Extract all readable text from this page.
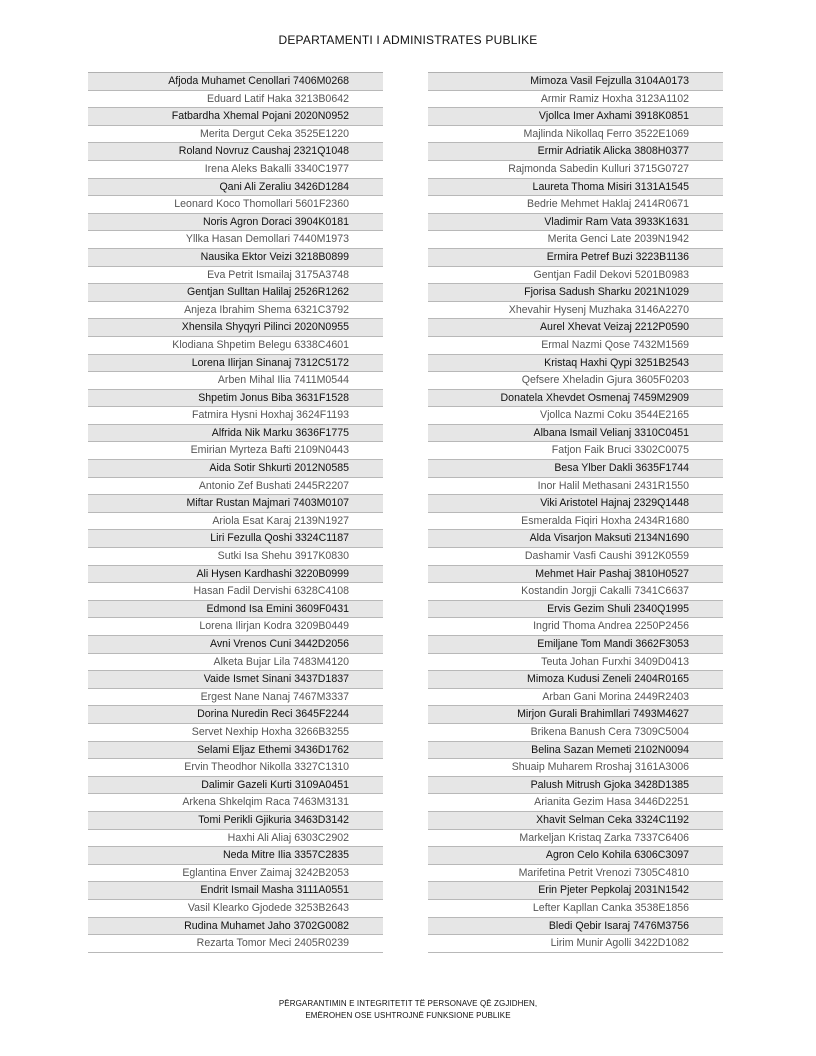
DEPARTAMENTI I ADMINISTRATES PUBLIKE
Afjoda Muhamet Cenollari 7406M0268
Eduard Latif Haka 3213B0642
Fatbardha Xhemal Pojani 2020N0952
Merita Dergut Ceka 3525E1220
Roland Novruz Caushaj 2321Q1048
Irena Aleks Bakalli 3340C1977
Qani Ali Zeraliu 3426D1284
Leonard Koco Thomollari 5601F2360
Noris Agron Doraci 3904K0181
Yllka Hasan Demollari 7440M1973
Nausika Ektor Veizi 3218B0899
Eva Petrit Ismailaj 3175A3748
Gentjan Sulltan Halilaj 2526R1262
Anjeza Ibrahim Shema 6321C3792
Xhensila Shyqyri Pilinci 2020N0955
Klodiana Shpetim Belegu 6338C4601
Lorena Ilirjan Sinanaj 7312C5172
Arben Mihal Ilia 7411M0544
Shpetim Jonus Biba 3631F1528
Fatmira Hysni Hoxhaj 3624F1193
Alfrida Nik Marku 3636F1775
Emirian Myrteza Bafti 2109N0443
Aida Sotir Shkurti 2012N0585
Antonio Zef Bushati 2445R2207
Miftar Rustan Majmari 7403M0107
Ariola Esat Karaj 2139N1927
Liri Fezulla Qoshi 3324C1187
Sutki Isa Shehu 3917K0830
Ali Hysen Kardhashi 3220B0999
Hasan Fadil Dervishi 6328C4108
Edmond Isa Emini 3609F0431
Lorena Ilirjan Kodra 3209B0449
Avni Vrenos Cuni 3442D2056
Alketa Bujar Lila 7483M4120
Vaide Ismet Sinani 3437D1837
Ergest Nane Nanaj 7467M3337
Dorina Nuredin Reci 3645F2244
Servet Nexhip Hoxha 3266B3255
Selami Eljaz Ethemi 3436D1762
Ervin Theodhor Nikolla 3327C1310
Dalimir Gazeli Kurti 3109A0451
Arkena Shkelqim Raca 7463M3131
Tomi Perikli Gjikuria 3463D3142
Haxhi Ali Aliaj 6303C2902
Neda Mitre Ilia 3357C2835
Eglantina Enver Zaimaj 3242B2053
Endrit Ismail Masha 3111A0551
Vasil Klearko Gjodede 3253B2643
Rudina Muhamet Jaho 3702G0082
Rezarta Tomor Meci 2405R0239
Mimoza Vasil Fejzulla 3104A0173
Armir Ramiz Hoxha 3123A1102
Vjollca Imer Axhami 3918K0851
Majlinda Nikollaq Ferro 3522E1069
Ermir Adriatik Alicka 3808H0377
Rajmonda Sabedin Kulluri 3715G0727
Laureta Thoma Misiri 3131A1545
Bedrie Mehmet Haklaj 2414R0671
Vladimir Ram Vata 3933K1631
Merita Genci Late 2039N1942
Ermira Petref Buzi 3223B1136
Gentjan Fadil Dekovi 5201B0983
Fjorisa Sadush Sharku 2021N1029
Xhevahir Hysenj Muzhaka 3146A2270
Aurel Xhevat Veizaj 2212P0590
Ermal Nazmi Qose 7432M1569
Kristaq Haxhi Qypi 3251B2543
Qefsere Xheladin Gjura 3605F0203
Donatela Xhevdet Osmenaj 7459M2909
Vjollca Nazmi Coku 3544E2165
Albana Ismail Velianj 3310C0451
Fatjon Faik Bruci 3302C0075
Besa Ylber Dakli 3635F1744
Inor Halil Methasani 2431R1550
Viki Aristotel Hajnaj 2329Q1448
Esmeralda Fiqiri Hoxha 2434R1680
Alda Visarjon Maksuti 2134N1690
Dashamir Vasfi Caushi 3912K0559
Mehmet Hair Pashaj 3810H0527
Kostandin Jorgji Cakalli 7341C6637
Ervis Gezim Shuli 2340Q1995
Ingrid Thoma Andrea 2250P2456
Emiljane Tom Mandi 3662F3053
Teuta Johan Furxhi 3409D0413
Mimoza Kudusi Zeneli 2404R0165
Arban Gani Morina 2449R2403
Mirjon Gurali Brahimllari 7493M4627
Brikena Banush Cera 7309C5004
Belina Sazan Memeti 2102N0094
Shuaip Muharem Rroshaj 3161A3006
Palush Mitrush Gjoka 3428D1385
Arianita Gezim Hasa 3446D2251
Xhavit Selman Ceka 3324C1192
Markeljan Kristaq Zarka 7337C6406
Agron Celo Kohila 6306C3097
Marifetina Petrit Vrenozi 7305C4810
Erin Pjeter Pepkolaj 2031N1542
Lefter Kapllan Canka 3538E1856
Bledi Qebir Isaraj 7476M3756
Lirim Munir Agolli 3422D1082
PËRGARANTIMIN E INTEGRITETIT TË PERSONAVE QË ZGJIDHEN,
EMËROHEN OSE USHTROJNË FUNKSIONE PUBLIKE
